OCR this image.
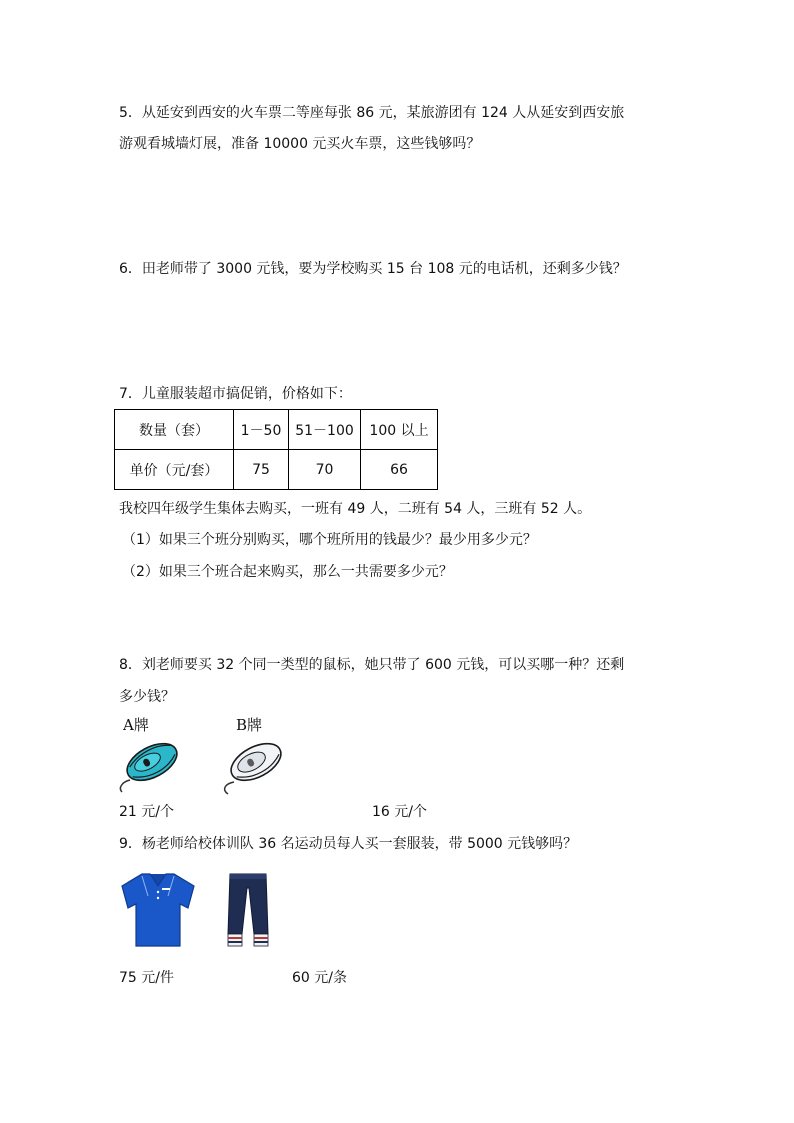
5．从延安到西安的火车票二等座每张 86 元，某旅游团有 124 人从延安到西安旅
游观看城墙灯展，准备 10000 元买火车票，这些钱够吗？
6．田老师带了 3000 元钱，要为学校购买 15 台 108 元的电话机，还剩多少钱？
7．儿童服装超市搞促销，价格如下：
数量（套）	1－50	51－100	100 以上
单价（元/套）	75	70	66
我校四年级学生集体去购买，一班有 49 人，二班有 54 人，三班有 52 人。
（1）如果三个班分别购买，哪个班所用的钱最少？最少用多少元？
（2）如果三个班合起来购买，那么一共需要多少元？
8．刘老师要买 32 个同一类型的鼠标，她只带了 600 元钱，可以买哪一种？还剩
多少钱？
A牌	B牌
21 元/个	16 元/个
9．杨老师给校体训队 36 名运动员每人买一套服装，带 5000 元钱够吗？
75 元/件	60 元/条
